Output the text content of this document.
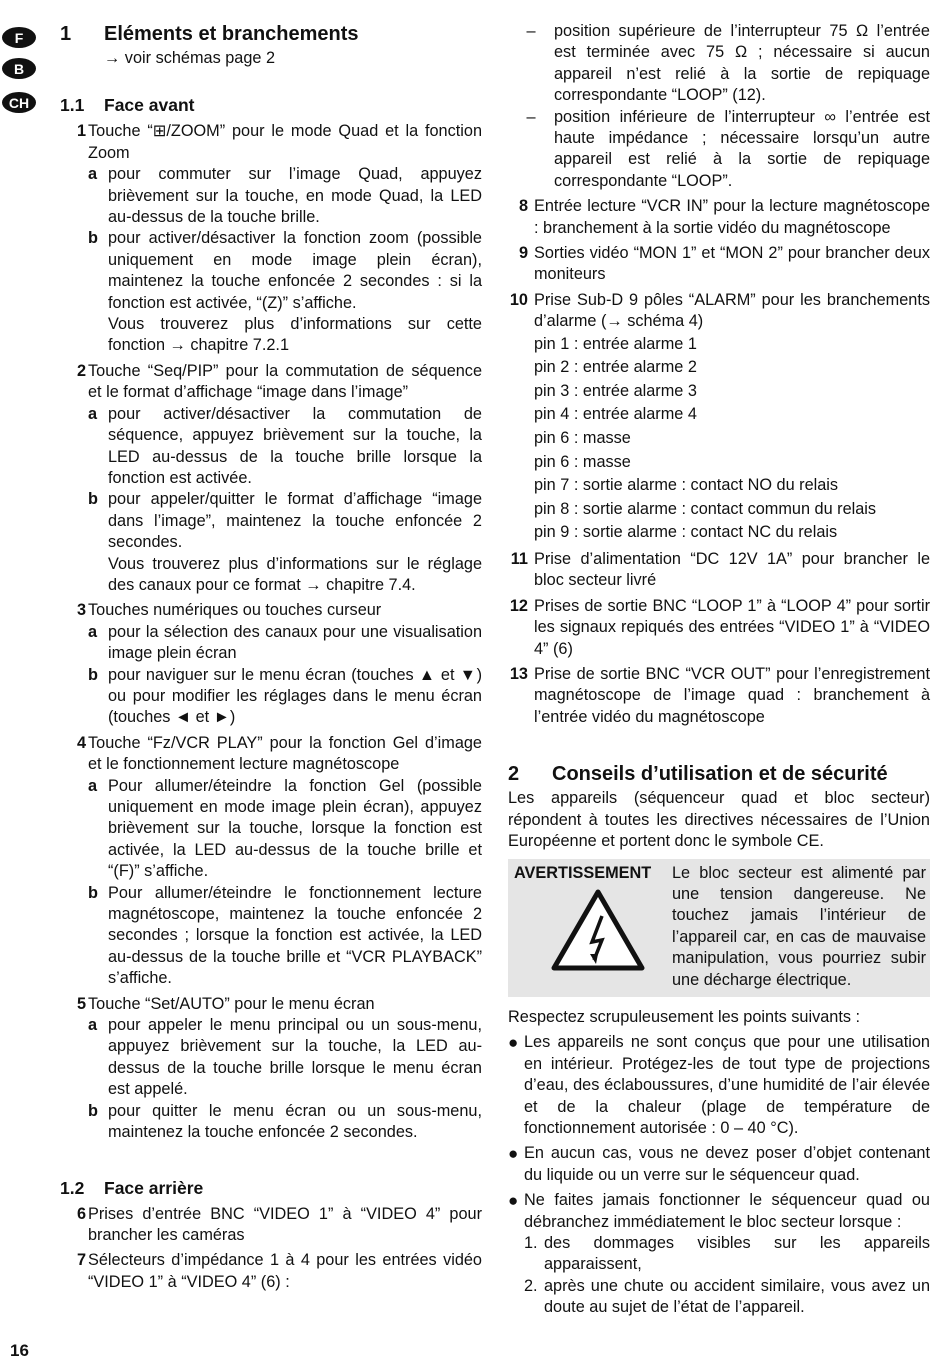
F
B
CH
1	Eléments et branchements
→ voir schémas page 2
1.1	Face avant
1 Touche “⊞/ZOOM” pour le mode Quad et la fonction Zoom
a pour commuter sur l’image Quad, appuyez brièvement sur la touche, en mode Quad, la LED au-dessus de la touche brille.
b pour activer/désactiver la fonction zoom (possible uniquement en mode image plein écran), maintenez la touche enfoncée 2 secondes : si la fonction est activée, “(Z)” s’affiche.
Vous trouverez plus d’informations sur cette fonction → chapitre 7.2.1
2 Touche “Seq/PIP” pour la commutation de séquence et le format d’affichage “image dans l’image”
a pour activer/désactiver la commutation de séquence, appuyez brièvement sur la touche, la LED au-dessus de la touche brille lorsque la fonction est activée.
b pour appeler/quitter le format d’affichage “image dans l’image”, maintenez la touche enfoncée 2 secondes.
Vous trouverez plus d’informations sur le réglage des canaux pour ce format → chapitre 7.4.
3 Touches numériques ou touches curseur
a pour la sélection des canaux pour une visualisation image plein écran
b pour naviguer sur le menu écran (touches ▲ et ▼) ou pour modifier les réglages dans le menu écran (touches ◄ et ►)
4 Touche “Fz/VCR PLAY” pour la fonction Gel d’image et le fonctionnement lecture magnétoscope
a Pour allumer/éteindre la fonction Gel (possible uniquement en mode image plein écran), appuyez brièvement sur la touche, lorsque la fonction est activée, la LED au-dessus de la touche brille et “(F)” s’affiche.
b Pour allumer/éteindre le fonctionnement lecture magnétoscope, maintenez la touche enfoncée 2 secondes ; lorsque la fonction est activée, la LED au-dessus de la touche brille et “VCR PLAYBACK” s’affiche.
5 Touche “Set/AUTO” pour le menu écran
a pour appeler le menu principal ou un sous-menu, appuyez brièvement sur la touche, la LED au-dessus de la touche brille lorsque le menu écran est appelé.
b pour quitter le menu écran ou un sous-menu, maintenez la touche enfoncée 2 secondes.
1.2	Face arrière
6 Prises d’entrée BNC “VIDEO 1” à “VIDEO 4” pour brancher les caméras
7 Sélecteurs d’impédance 1 à 4 pour les entrées vidéo “VIDEO 1” à “VIDEO 4” (6) :
–	position supérieure de l’interrupteur 75 Ω l’entrée est terminée avec 75 Ω ; nécessaire si aucun appareil n’est relié à la sortie de repiquage correspondante “LOOP” (12).
–	position inférieure de l’interrupteur ∞ l’entrée est haute impédance ; nécessaire lorsqu’un autre appareil est relié à la sortie de repiquage correspondante “LOOP”.
8 Entrée lecture “VCR IN” pour la lecture magnétoscope : branchement à la sortie vidéo du magnétoscope
9 Sorties vidéo “MON 1” et “MON 2” pour brancher deux moniteurs
10 Prise Sub-D 9 pôles “ALARM” pour les branchements d’alarme (→ schéma 4)
pin 1 : entrée alarme 1
pin 2 : entrée alarme 2
pin 3 : entrée alarme 3
pin 4 : entrée alarme 4
pin 6 : masse
pin 6 : masse
pin 7 : sortie alarme : contact NO du relais
pin 8 : sortie alarme : contact commun du relais
pin 9 : sortie alarme : contact NC du relais
11 Prise d’alimentation “DC 12V 1A” pour brancher le bloc secteur livré
12 Prises de sortie BNC “LOOP 1” à “LOOP 4” pour sortir les signaux repiqués des entrées “VIDEO 1” à “VIDEO 4” (6)
13 Prise de sortie BNC “VCR OUT” pour l’enregistrement magnétoscope de l’image quad : branchement à l’entrée vidéo du magnétoscope
2	Conseils d’utilisation et de sécurité

Les appareils (séquenceur quad et bloc secteur) répondent à toutes les directives nécessaires de l’Union Européenne et portent donc le symbole CE.

AVERTISSEMENT	Le bloc secteur est alimenté par une tension dangereuse. Ne touchez jamais l’intérieur de l’appareil car, en cas de mauvaise manipulation, vous pourriez subir une décharge électrique.

Respectez scrupuleusement les points suivants :

● Les appareils ne sont conçus que pour une utilisation en intérieur. Protégez-les de tout type de projections d’eau, des éclaboussures, d’une humidité de l’air élevée et de la chaleur (plage de température de fonctionnement autorisée : 0 – 40 °C).
● En aucun cas, vous ne devez poser d’objet contenant du liquide ou un verre sur le séquenceur quad.
● Ne faites jamais fonctionner le séquenceur quad ou débranchez immédiatement le bloc secteur lorsque :
1. des dommages visibles sur les appareils apparaissent,
2. après une chute ou accident similaire, vous avez un doute au sujet de l’état de l’appareil.
16
